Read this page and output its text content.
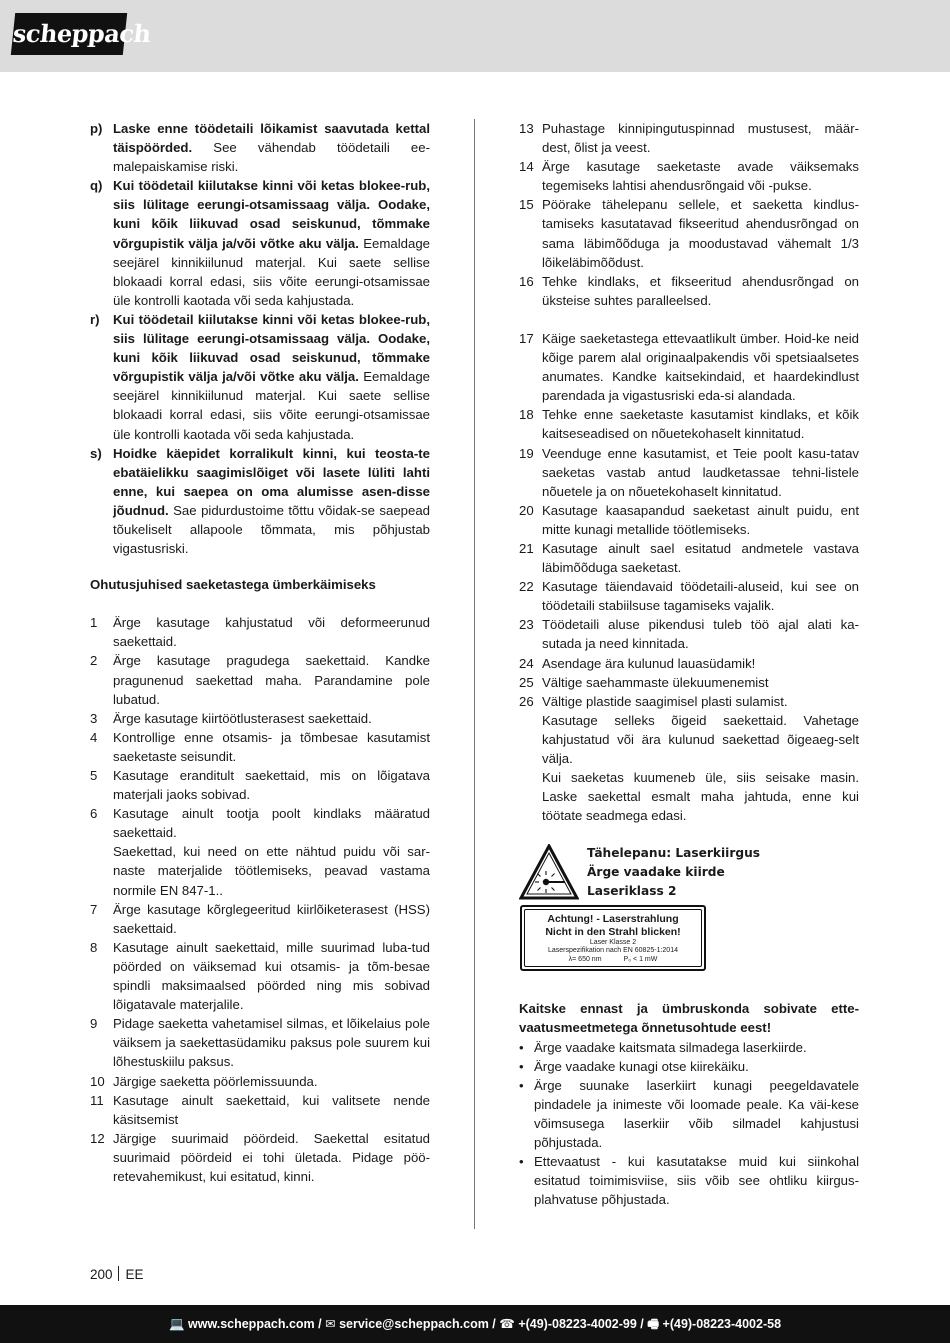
scheppach
p) Laske enne töödetaili lõikamist saavutada kettal täispöörded. See vähendab töödetaili ee-malepaiskamise riski.
q) Kui töödetail kiilutakse kinni või ketas blokee-rub, siis lülitage eerungi-otsamissaag välja. Oodake, kuni kõik liikuvad osad seiskunud, tõmmake võrgupistik välja ja/või võtke aku välja. Eemaldage seejärel kinnikiilunud materjal. Kui saete sellise blokaadi korral edasi, siis võite eerungi-otsamissae üle kontrolli kaotada või seda kahjustada.
r)	Kui töödetail kiilutakse kinni või ketas blokee-rub, siis lülitage eerungi-otsamissaag välja. Oodake, kuni kõik liikuvad osad seiskunud, tõmmake võrgupistik välja ja/või võtke aku välja. Eemaldage seejärel kinnikiilunud materjal. Kui saete sellise blokaadi korral edasi, siis võite eerungi-otsamissae üle kontrolli kaotada või seda kahjustada.
s) Hoidke käepidet korralikult kinni, kui teosta-te ebatäielikku saagimislõiget või lasete lüliti lahti enne, kui saepea on oma alumisse asen-disse jõudnud. Sae pidurdustoime tõttu võidak-se saepead tõukeliselt allapoole tõmmata, mis põhjustab vigastusriski.
Ohutusjuhised saeketastega ümberkäimiseks
1	Ärge kasutage kahjustatud või deformeerunud saekettaid.
2	Ärge kasutage pragudega saekettaid. Kandke pragunenud saekettad maha. Parandamine pole lubatud.
3	Ärge kasutage kiirtöötlusterasest saekettaid.
4	Kontrollige enne otsamis- ja tõmbesae kasutamist saeketaste seisundit.
5	Kasutage eranditult saekettaid, mis on lõigatava materjali jaoks sobivad.
6	Kasutage ainult tootja poolt kindlaks määratud saekettaid.
Saekettad, kui need on ette nähtud puidu või sar-naste materjalide töötlemiseks, peavad vastama normile EN 847-1..
7	Ärge kasutage kõrglegeeritud kiirlõiketerasest (HSS) saekettaid.
8	Kasutage ainult saekettaid, mille suurimad luba-tud pöörded on väiksemad kui otsamis- ja tõm-besae spindli maksimaalsed pöörded ning mis sobivad lõigatavale materjalile.
9	Pidage saeketta vahetamisel silmas, et lõikelaius pole väiksem ja saekettasüdamiku paksus pole suurem kui lõhestuskiilu paksus.
10 Järgige saeketta pöörlemissuunda.
11 Kasutage ainult saekettaid, kui valitsete nende käsitsemist
12 Järgige suurimaid pöördeid. Saekettal esitatud suurimaid pöördeid ei tohi ületada. Pidage pöö-retevahemikust, kui esitatud, kinni.
13 Puhastage kinnipingutuspinnad mustusest, määr-dest, õlist ja veest.
14 Ärge kasutage saeketaste avade väiksemaks tegemiseks lahtisi ahendusrõngaid või -pukse.
15 Pöörake tähelepanu sellele, et saeketta kindlus-tamiseks kasutatavad fikseeritud ahendusrõngad on sama läbimõõduga ja moodustavad vähemalt 1/3 lõikeläbimõõdust.
16 Tehke kindlaks, et fikseeritud ahendusrõngad on üksteise suhtes paralleelsed.
17 Käige saeketastega ettevaatlikult ümber. Hoid-ke neid kõige parem alal originaalpakendis või spetsiaalsetes anumates. Kandke kaitsekindaid, et haardekindlust parendada ja vigastusriski eda-si alandada.
18 Tehke enne saeketaste kasutamist kindlaks, et kõik kaitseseadised on nõuetekohaselt kinnitatud.
19 Veenduge enne kasutamist, et Teie poolt kasu-tatav saeketas vastab antud laudketassae tehni-listele nõuetele ja on nõuetekohaselt kinnitatud.
20 Kasutage kaasapandud saeketast ainult puidu, ent mitte kunagi metallide töötlemiseks.
21 Kasutage ainult sael esitatud andmetele vastava läbimõõduga saeketast.
22 Kasutage täiendavaid töödetaili-aluseid, kui see on töödetaili stabiilsuse tagamiseks vajalik.
23 Töödetaili aluse pikendusi tuleb töö ajal alati ka-sutada ja need kinnitada.
24 Asendage ära kulunud lauasüdamik!
25 Vältige saehammaste ülekuumenemist
26 Vältige plastide saagimisel plasti sulamist.
Kasutage selleks õigeid saekettaid. Vahetage kahjustatud või ära kulunud saekettad õigeaeg-selt välja.
Kui saeketas kuumeneb üle, siis seisake masin. Laske saekettal esmalt maha jahtuda, enne kui töötate seadmega edasi.
Tähelepanu: Laserkiirgus
Ärge vaadake kiirde
Laseriklass 2
Achtung! - Laserstrahlung
Nicht in den Strahl blicken!
Laser Klasse 2
Laserspezifikation nach EN 60825-1:2014
λ= 650 nm	P₀ < 1 mW
Kaitske ennast ja ümbruskonda sobivate ette-vaatusmeetmetega õnnetusohtude eest!
• Ärge vaadake kaitsmata silmadega laserkiirde.
• Ärge vaadake kunagi otse kiirekäiku.
• Ärge suunake laserkiirt kunagi peegeldavatele pindadele ja inimeste või loomade peale. Ka väi-kese võimsusega laserkiir võib silmadel kahjustusi põhjustada.
• Ettevaatust - kui kasutatakse muid kui siinkohal esitatud toimimisviise, siis võib see ohtliku kiirgus-plahvatuse põhjustada.
200 EE
💻 www.scheppach.com / ✉ service@scheppach.com / ☎ +(49)-08223-4002-99 / 🖷 +(49)-08223-4002-58
